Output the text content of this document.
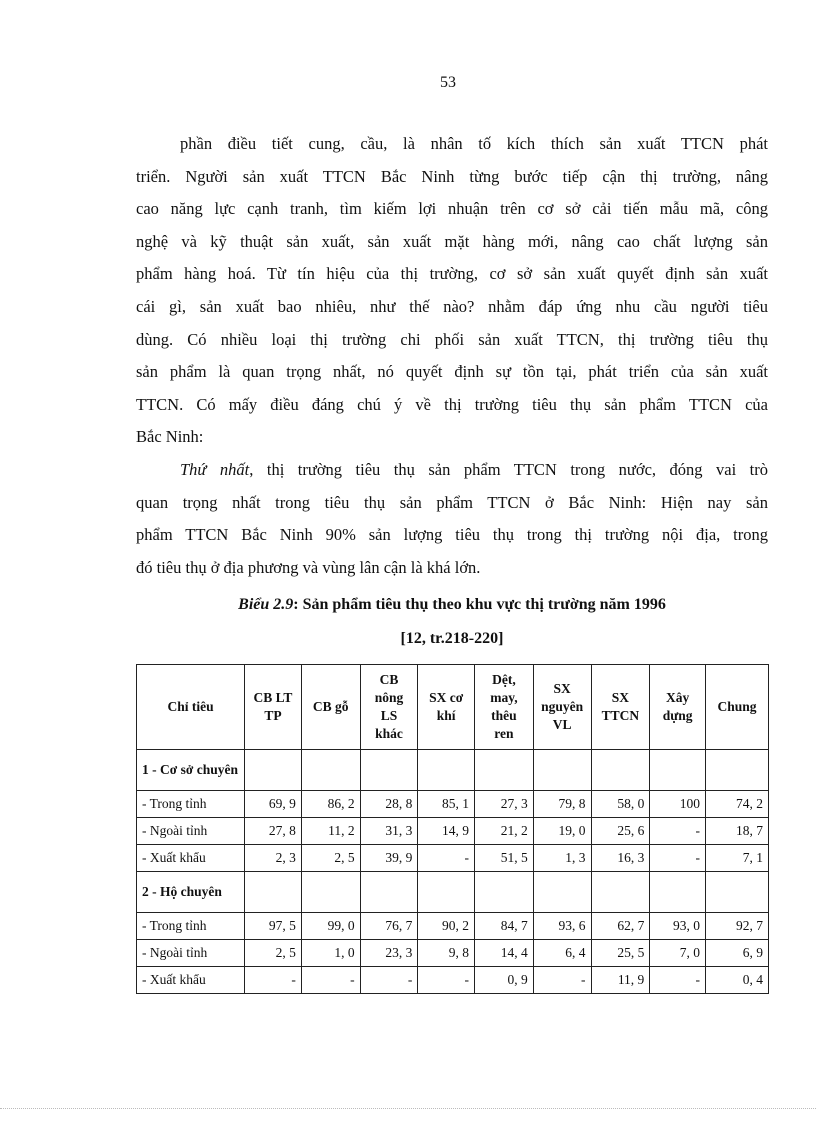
53

phần điều tiết cung, cầu, là nhân tố kích thích sản xuất TTCN phát
triển. Người sản xuất TTCN Bắc Ninh từng bước tiếp cận thị trường, nâng
cao năng lực cạnh tranh, tìm kiếm lợi nhuận trên cơ sở cải tiến mẫu mã, công
nghệ và kỹ thuật sản xuất, sản xuất mặt hàng mới, nâng cao chất lượng sản
phẩm hàng hoá. Từ tín hiệu của thị trường, cơ sở sản xuất quyết định sản xuất
cái gì, sản xuất bao nhiêu, như thế nào? nhằm đáp ứng nhu cầu người tiêu
dùng. Có nhiều loại thị trường chi phối sản xuất TTCN, thị trường tiêu thụ
sản phẩm là quan trọng nhất, nó quyết định sự tồn tại, phát triển của sản xuất
TTCN. Có mấy điều đáng chú ý về thị trường tiêu thụ sản phẩm TTCN của
Bắc Ninh:

Thứ nhất, thị trường tiêu thụ sản phẩm TTCN trong nước, đóng vai trò
quan trọng nhất trong tiêu thụ sản phẩm TTCN ở Bắc Ninh: Hiện nay sản
phẩm TTCN Bắc Ninh 90% sản lượng tiêu thụ trong thị trường nội địa, trong
đó tiêu thụ ở địa phương và vùng lân cận là khá lớn.

Biểu 2.9: Sản phẩm tiêu thụ theo khu vực thị trường năm 1996
[12, tr.218-220]
Chỉ tiêu	CB LT TP	CB gỗ	CB nông LS khác	SX cơ khí	Dệt, may, thêu ren	SX nguyên VL	SX TTCN	Xây dựng	Chung
1 - Cơ sở chuyên									
- Trong tỉnh	69, 9	86, 2	28, 8	85, 1	27, 3	79, 8	58, 0	100	74, 2
- Ngoài tỉnh	27, 8	11, 2	31, 3	14, 9	21, 2	19, 0	25, 6	-	18, 7
- Xuất khẩu	2, 3	2, 5	39, 9	-	51, 5	1, 3	16, 3	-	7, 1
2 - Hộ chuyên									
- Trong tỉnh	97, 5	99, 0	76, 7	90, 2	84, 7	93, 6	62, 7	93, 0	92, 7
- Ngoài tỉnh	2, 5	1, 0	23, 3	9, 8	14, 4	6, 4	25, 5	7, 0	6, 9
- Xuất khẩu	-	-	-	-	0, 9	-	11, 9	-	0, 4
